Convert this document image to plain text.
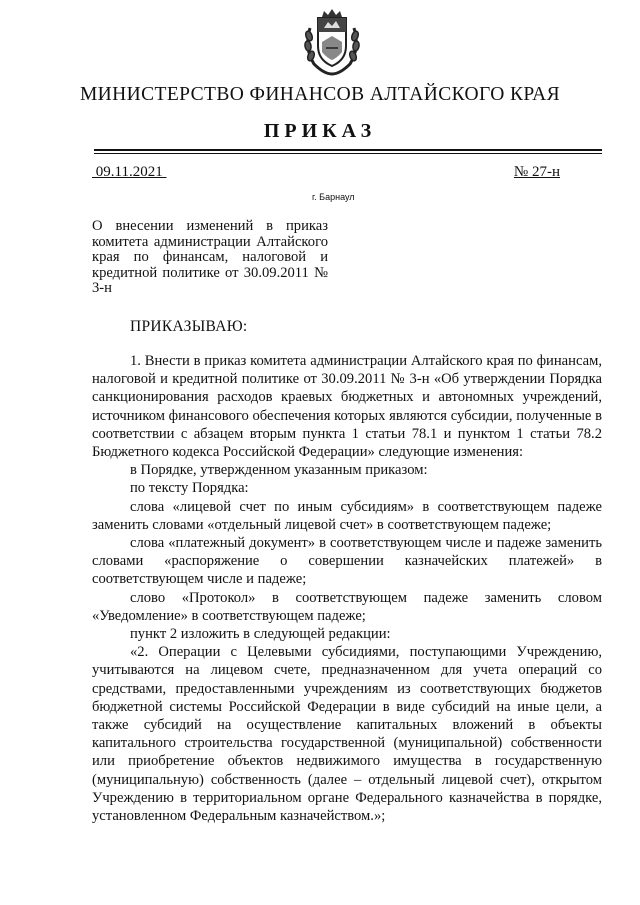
МИНИСТЕРСТВО ФИНАНСОВ АЛТАЙСКОГО КРАЯ
ПРИКАЗ
09.11.2021	№ 27-н
г. Барнаул
О внесении изменений в приказ комитета администрации Алтайского края по финансам, налоговой и кредитной политике от 30.09.2011 № 3-н
ПРИКАЗЫВАЮ:

1. Внести в приказ комитета администрации Алтайского края по финансам, налоговой и кредитной политике от 30.09.2011 № 3-н «Об утверждении Порядка санкционирования расходов краевых бюджетных и автономных учреждений, источником финансового обеспечения которых являются субсидии, полученные в соответствии с абзацем вторым пункта 1 статьи 78.1 и пунктом 1 статьи 78.2 Бюджетного кодекса Российской Федерации» следующие изменения:

в Порядке, утвержденном указанным приказом:

по тексту Порядка:

слова «лицевой счет по иным субсидиям» в соответствующем падеже заменить словами «отдельный лицевой счет» в соответствующем падеже;

слова «платежный документ» в соответствующем числе и падеже заменить словами «распоряжение о совершении казначейских платежей» в соответствующем числе и падеже;

слово «Протокол» в соответствующем падеже заменить словом «Уведомление» в соответствующем падеже;

пункт 2 изложить в следующей редакции:

«2. Операции с Целевыми субсидиями, поступающими Учреждению, учитываются на лицевом счете, предназначенном для учета операций со средствами, предоставленными учреждениям из соответствующих бюджетов бюджетной системы Российской Федерации в виде субсидий на иные цели, а также субсидий на осуществление капитальных вложений в объекты капитального строительства государственной (муниципальной) собственности или приобретение объектов недвижимого имущества в государственную (муниципальную) собственность (далее – отдельный лицевой счет), открытом Учреждению в территориальном органе Федерального казначейства в порядке, установленном Федеральным казначейством.»;
